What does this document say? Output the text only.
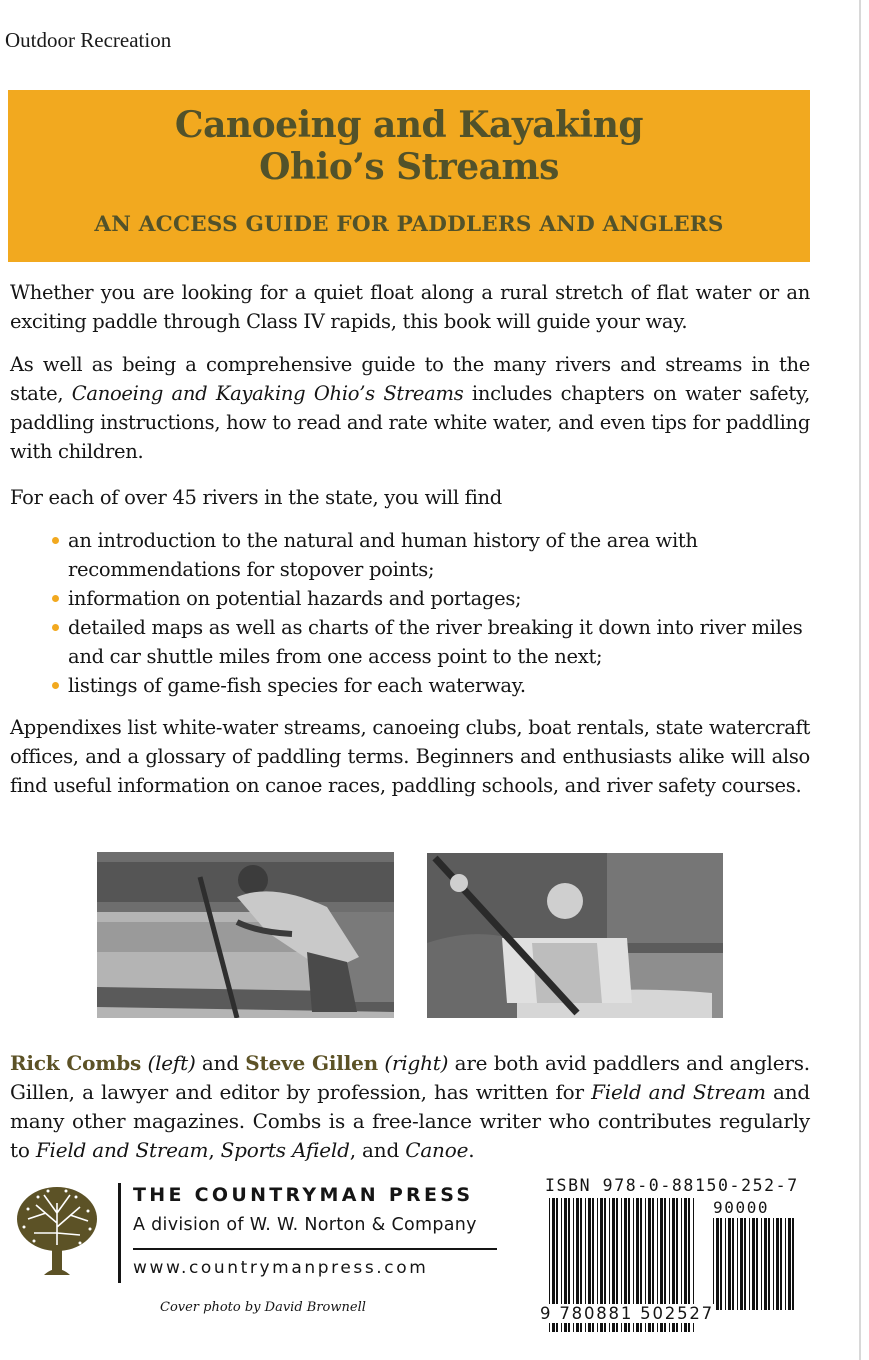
Outdoor Recreation
Canoeing and Kayaking
Ohio’s Streams
AN ACCESS GUIDE FOR PADDLERS AND ANGLERS
Whether you are looking for a quiet float along a rural stretch of flat water or an exciting paddle through Class IV rapids, this book will guide your way.
As well as being a comprehensive guide to the many rivers and streams in the state, Canoeing and Kayaking Ohio’s Streams includes chapters on water safety, paddling instructions, how to read and rate white water, and even tips for paddling with children.
For each of over 45 rivers in the state, you will find
an introduction to the natural and human history of the area with recommendations for stopover points;
information on potential hazards and portages;
detailed maps as well as charts of the river breaking it down into river miles and car shuttle miles from one access point to the next;
listings of game-fish species for each waterway.
Appendixes list white-water streams, canoeing clubs, boat rentals, state watercraft offices, and a glossary of paddling terms. Beginners and enthusiasts alike will also find useful information on canoe races, paddling schools, and river safety courses.
Rick Combs (left) and Steve Gillen (right) are both avid paddlers and anglers. Gillen, a lawyer and editor by profession, has written for Field and Stream and many other magazines. Combs is a free-lance writer who contributes regularly to Field and Stream, Sports Afield, and Canoe.
THE COUNTRYMAN PRESS
A division of W. W. Norton & Company
www.countrymanpress.com
Cover photo by David Brownell
ISBN 978-0-88150-252-7
90000
9 780881 502527
